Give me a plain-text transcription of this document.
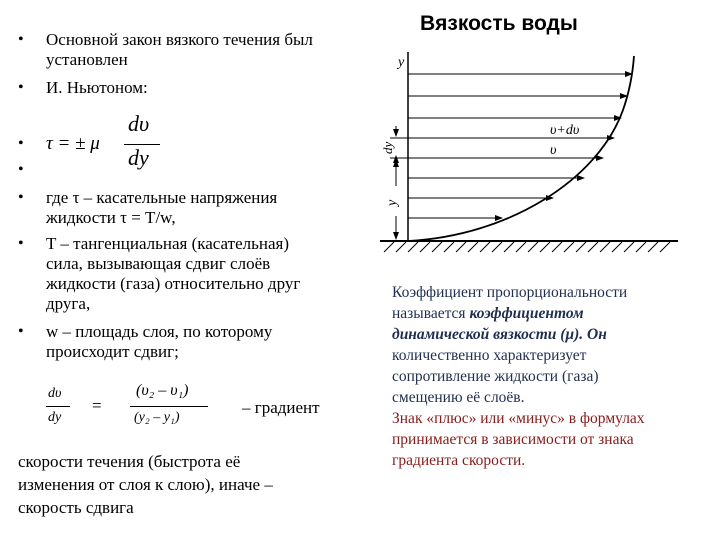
• Основной закон вязкого течения был
установлен
• И. Ньютоном:
• τ = ± μ
dυ
dy
•
• где τ – касательные напряжения
жидкости τ = T/w,
• T – тангенциальная (касательная)
сила, вызывающая сдвиг слоёв
жидкости (газа) относительно друг
друга,
• w – площадь слоя, по которому
происходит сдвиг;
dυ
dy
=
(υ₂ – υ₁)
(y₂ – y₁)
– градиент
скорости течения (быстрота её
изменения от слоя к слою), иначе –
скорость сдвига
Вязкость воды
y
dy
y
υ+dυ
υ
Коэффициент пропорциональности
называется коэффициентом
динамической вязкости (μ). Он
количественно характеризует
сопротивление жидкости (газа)
смещению её слоёв.
Знак «плюс» или «минус» в формулах
принимается в зависимости от знака
градиента скорости.
